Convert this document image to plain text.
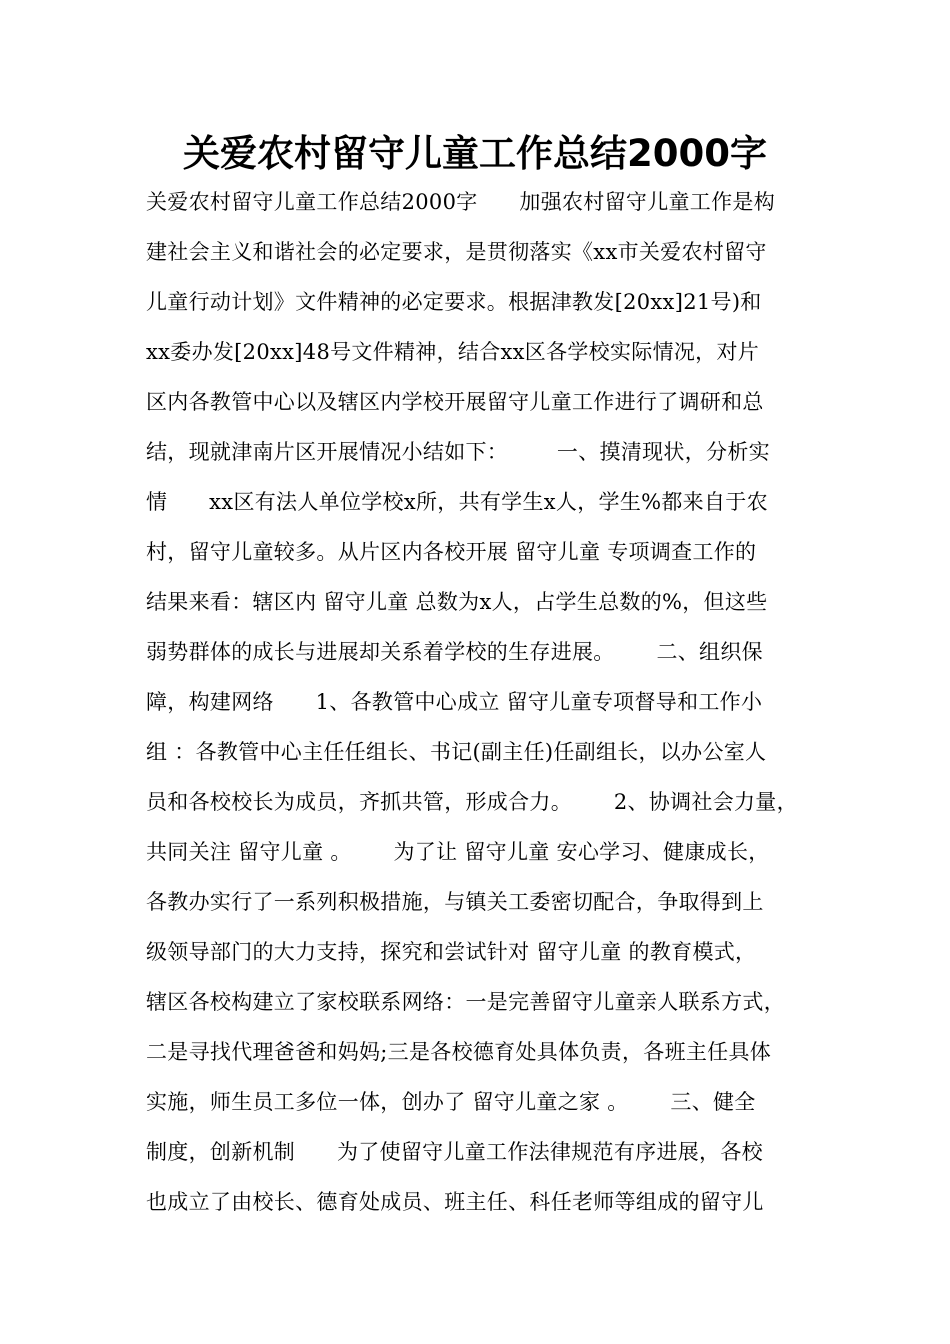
关爱农村留守儿童工作总结2000字
关爱农村留守儿童工作总结2000字      加强农村留守儿童工作是构
建社会主义和谐社会的必定要求，是贯彻落实《xx市关爱农村留守
儿童行动计划》文件精神的必定要求。根据津教发[20xx]21号)和
xx委办发[20xx]48号文件精神，结合xx区各学校实际情况，对片
区内各教管中心以及辖区内学校开展留守儿童工作进行了调研和总
结，现就津南片区开展情况小结如下：       一、摸清现状，分析实
情      xx区有法人单位学校x所，共有学生x人，学生%都来自于农
村，留守儿童较多。从片区内各校开展 留守儿童 专项调查工作的
结果来看：辖区内 留守儿童 总数为x人，占学生总数的%，但这些
弱势群体的成长与进展却关系着学校的生存进展。      二、组织保
障，构建网络      1、各教管中心成立 留守儿童专项督导和工作小
组 ：各教管中心主任任组长、书记(副主任)任副组长，以办公室人
员和各校校长为成员，齐抓共管，形成合力。      2、协调社会力量，
共同关注 留守儿童 。      为了让 留守儿童 安心学习、健康成长，
各教办实行了一系列积极措施，与镇关工委密切配合，争取得到上
级领导部门的大力支持，探究和尝试针对 留守儿童 的教育模式，
辖区各校构建立了家校联系网络：一是完善留守儿童亲人联系方式，
二是寻找代理爸爸和妈妈;三是各校德育处具体负责，各班主任具体
实施，师生员工多位一体，创办了 留守儿童之家 。      三、健全
制度，创新机制      为了使留守儿童工作法律规范有序进展，各校
也成立了由校长、德育处成员、班主任、科任老师等组成的留守儿
